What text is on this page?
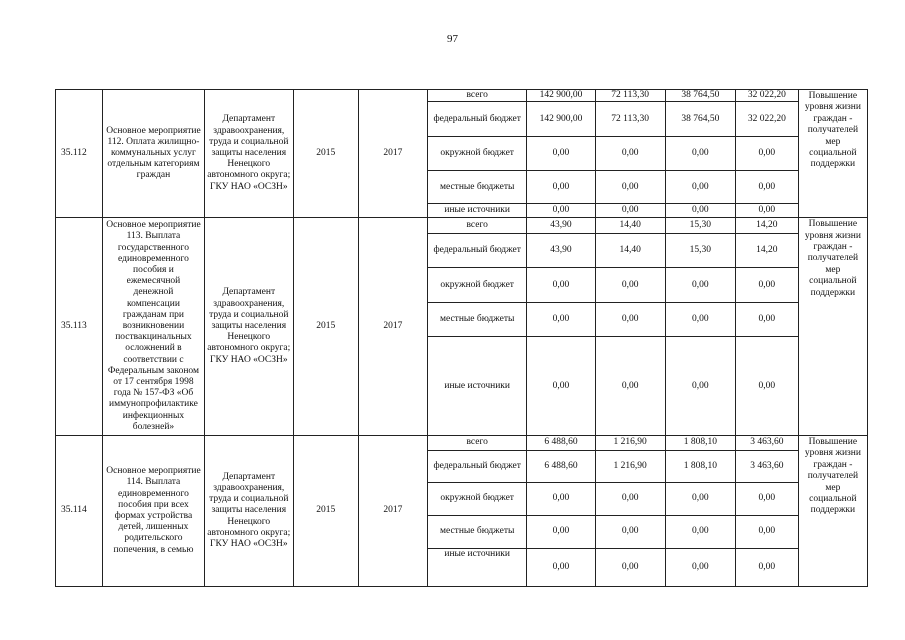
97
35.112	Основное мероприятие 112. Оплата жилищно-коммунальных услуг отдельным категориям граждан	Департамент здравоохранения, труда и социальной защиты населения Ненецкого автономного округа; ГКУ НАО «ОСЗН»	2015	2017	всего	142 900,00	72 113,30	38 764,50	32 022,20	Повышение уровня жизни граждан - получателей мер социальной поддержки
					федеральный бюджет	142 900,00	72 113,30	38 764,50	32 022,20	
					окружной бюджет	0,00	0,00	0,00	0,00	
					местные бюджеты	0,00	0,00	0,00	0,00	
					иные источники	0,00	0,00	0,00	0,00	
35.113	Основное мероприятие 113. Выплата государственного единовременного пособия и ежемесячной денежной компенсации гражданам при возникновении поствакцинальных осложнений в соответствии с Федеральным законом от 17 сентября 1998 года № 157-ФЗ «Об иммунопрофилактике инфекционных болезней»	Департамент здравоохранения, труда и социальной защиты населения Ненецкого автономного округа; ГКУ НАО «ОСЗН»	2015	2017	всего	43,90	14,40	15,30	14,20	Повышение уровня жизни граждан - получателей мер социальной поддержки
					федеральный бюджет	43,90	14,40	15,30	14,20	
					окружной бюджет	0,00	0,00	0,00	0,00	
					местные бюджеты	0,00	0,00	0,00	0,00	
					иные источники	0,00	0,00	0,00	0,00	
35.114	Основное мероприятие 114. Выплата единовременного пособия при всех формах устройства детей, лишенных родительского попечения, в семью	Департамент здравоохранения, труда и социальной защиты населения Ненецкого автономного округа; ГКУ НАО «ОСЗН»	2015	2017	всего	6 488,60	1 216,90	1 808,10	3 463,60	Повышение уровня жизни граждан - получателей мер социальной поддержки
					федеральный бюджет	6 488,60	1 216,90	1 808,10	3 463,60	
					окружной бюджет	0,00	0,00	0,00	0,00	
					местные бюджеты	0,00	0,00	0,00	0,00	
					иные источники	0,00	0,00	0,00	0,00	
